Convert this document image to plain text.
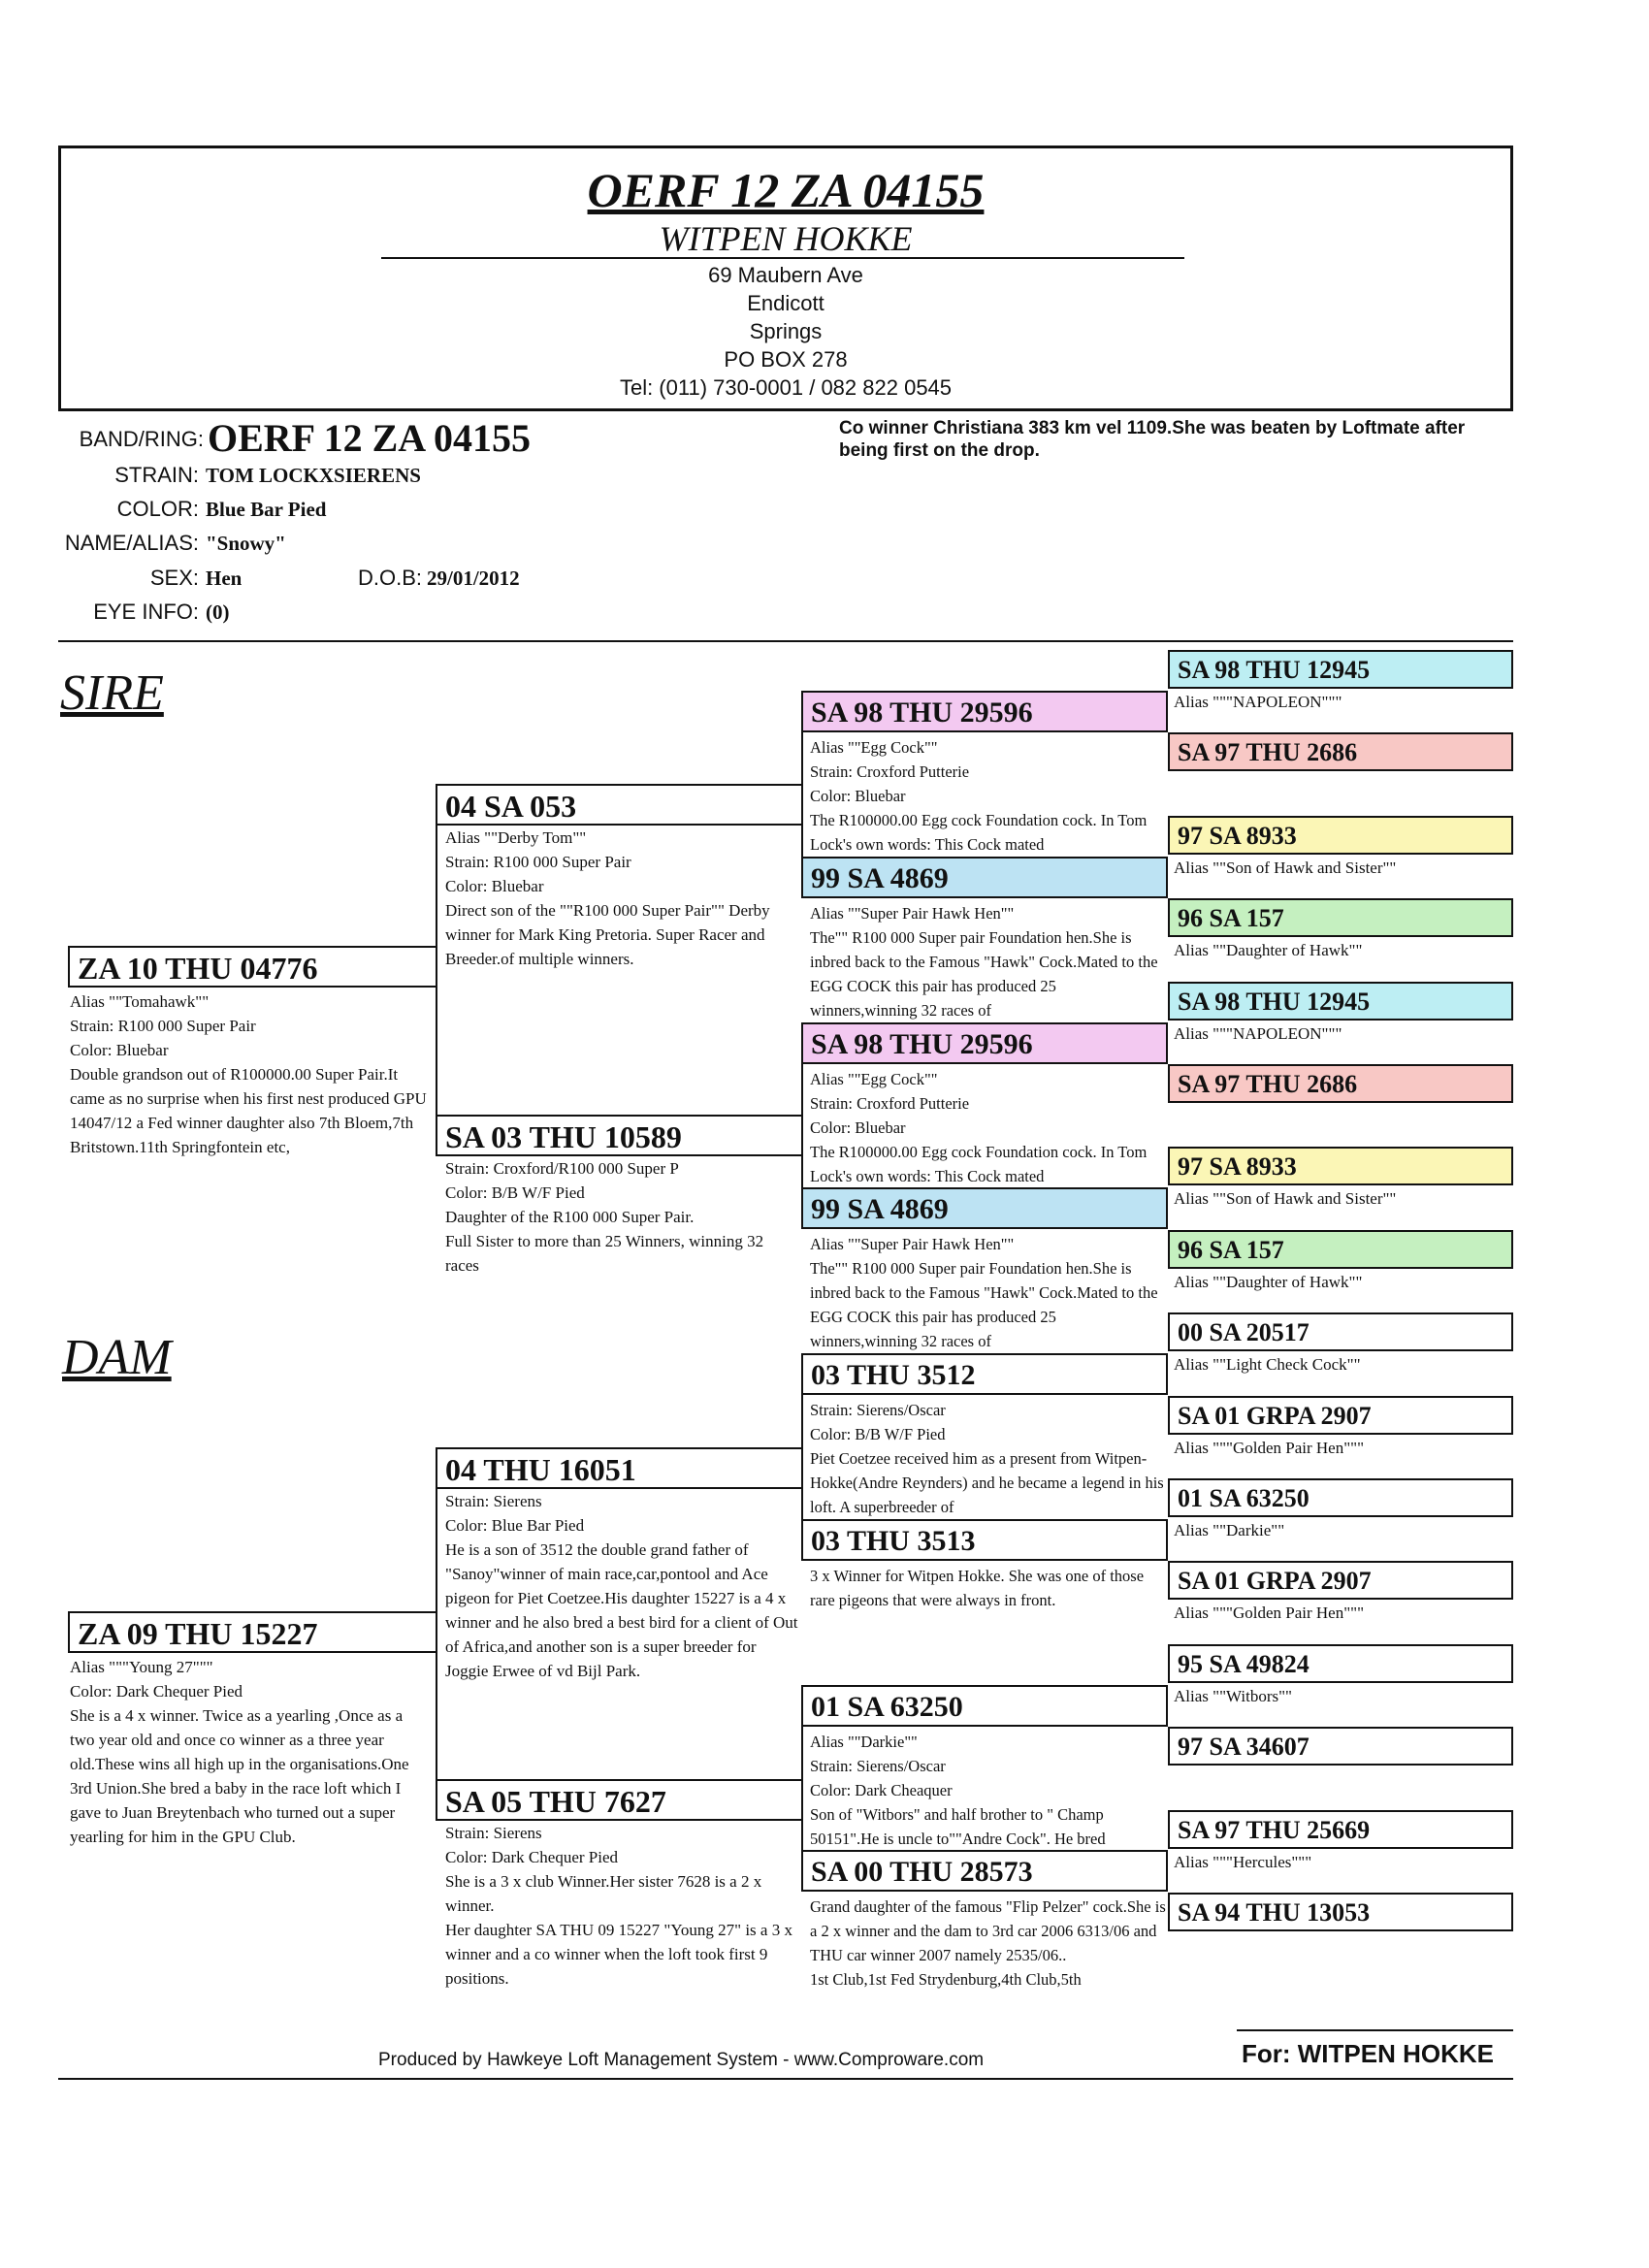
OERF 12 ZA 04155
WITPEN HOKKE
69 Maubern Ave
Endicott
Springs
PO BOX 278
Tel: (011) 730-0001 / 082 822 0545
BAND/RING: OERF 12 ZA 04155
STRAIN: TOM LOCKXSIERENS
COLOR: Blue Bar Pied
NAME/ALIAS: "Snowy"
SEX: Hen	D.O.B: 29/01/2012
EYE INFO: (0)
Co winner Christiana 383 km vel 1109.She was beaten by Loftmate after being first on the drop.
SIRE
DAM
ZA 10 THU 04776
Alias ""Tomahawk""
Strain: R100 000 Super Pair
Color: Bluebar
Double grandson out of R100000.00 Super Pair.It came as no surprise when his first nest produced GPU 14047/12 a Fed winner daughter also 7th Bloem,7th Britstown.11th Springfontein etc,
ZA 09 THU 15227
Alias """Young 27"""
Color: Dark Chequer Pied
She is a 4 x winner. Twice as a yearling ,Once as a two year old and once co winner as a three year old.These wins all high up in the organisations.One 3rd Union.She bred a baby in the race loft which I gave to Juan Breytenbach who turned out a super yearling for him in the GPU Club.
04 SA 053
Alias ""Derby Tom""
Strain: R100 000 Super Pair
Color: Bluebar
Direct son of the ""R100 000 Super Pair"" Derby winner for Mark King Pretoria. Super Racer and Breeder.of multiple winners.
SA 03 THU 10589
Strain: Croxford/R100 000 Super P
Color: B/B W/F Pied
Daughter of the R100 000 Super Pair.
Full Sister to more than 25 Winners, winning 32 races
04 THU 16051
Strain: Sierens
Color: Blue Bar Pied
He is a son of 3512 the double grand father of "Sanoy"winner of main race,car,pontool and Ace pigeon for Piet Coetzee.His daughter 15227 is a 4 x winner and he also bred a best bird for a client of Out of Africa,and another son is a super breeder for Joggie Erwee of vd Bijl Park.
SA 05 THU 7627
Strain: Sierens
Color: Dark Chequer Pied
She is a 3 x club Winner.Her sister 7628 is a 2 x winner.
Her daughter SA THU 09 15227 "Young 27" is a 3 x winner and a co winner when the loft took first 9 positions.
SA 98 THU 29596
Alias ""Egg Cock""
Strain: Croxford Putterie
Color: Bluebar
The R100000.00 Egg cock Foundation cock. In Tom Lock's own words: This Cock mated
99 SA 4869
Alias ""Super Pair Hawk Hen""
The"" R100 000 Super pair Foundation hen.She is inbred back to the Famous "Hawk" Cock.Mated to the EGG COCK this pair has produced 25 winners,winning 32 races of
SA 98 THU 29596
Alias ""Egg Cock""
Strain: Croxford Putterie
Color: Bluebar
The R100000.00 Egg cock Foundation cock. In Tom Lock's own words: This Cock mated
99 SA 4869
Alias ""Super Pair Hawk Hen""
The"" R100 000 Super pair Foundation hen.She is inbred back to the Famous "Hawk" Cock.Mated to the EGG COCK this pair has produced 25 winners,winning 32 races of
03 THU 3512
Strain: Sierens/Oscar
Color: B/B W/F Pied
Piet Coetzee received him as a present from Witpen-Hokke(Andre Reynders) and he became a legend in his loft. A superbreeder of
03 THU 3513
3 x Winner for Witpen Hokke. She was one of those rare pigeons that were always in front.
01 SA 63250
Alias ""Darkie""
Strain: Sierens/Oscar
Color: Dark Cheaquer
Son of "Witbors" and half brother to " Champ 50151".He is uncle to""Andre Cock". He bred
SA 00 THU 28573
Grand daughter of the famous "Flip Pelzer" cock.She is a 2 x winner and the dam to 3rd car 2006 6313/06 and THU car winner 2007 namely 2535/06..
1st Club,1st Fed Strydenburg,4th Club,5th
SA 98 THU 12945
Alias """NAPOLEON"""
SA 97 THU 2686
97 SA 8933
Alias ""Son of Hawk and Sister""
96 SA 157
Alias ""Daughter of Hawk""
SA 98 THU 12945
Alias """NAPOLEON"""
SA 97 THU 2686
97 SA 8933
Alias ""Son of Hawk and Sister""
96 SA 157
Alias ""Daughter of Hawk""
00 SA 20517
Alias ""Light Check Cock""
SA 01 GRPA 2907
Alias """Golden Pair Hen"""
01 SA 63250
Alias ""Darkie""
SA 01 GRPA 2907
Alias """Golden Pair Hen"""
95 SA 49824
Alias ""Witbors""
97 SA 34607
SA 97 THU 25669
Alias """Hercules"""
SA 94 THU 13053
Produced by Hawkeye Loft Management System - www.Comproware.com	For: WITPEN HOKKE
